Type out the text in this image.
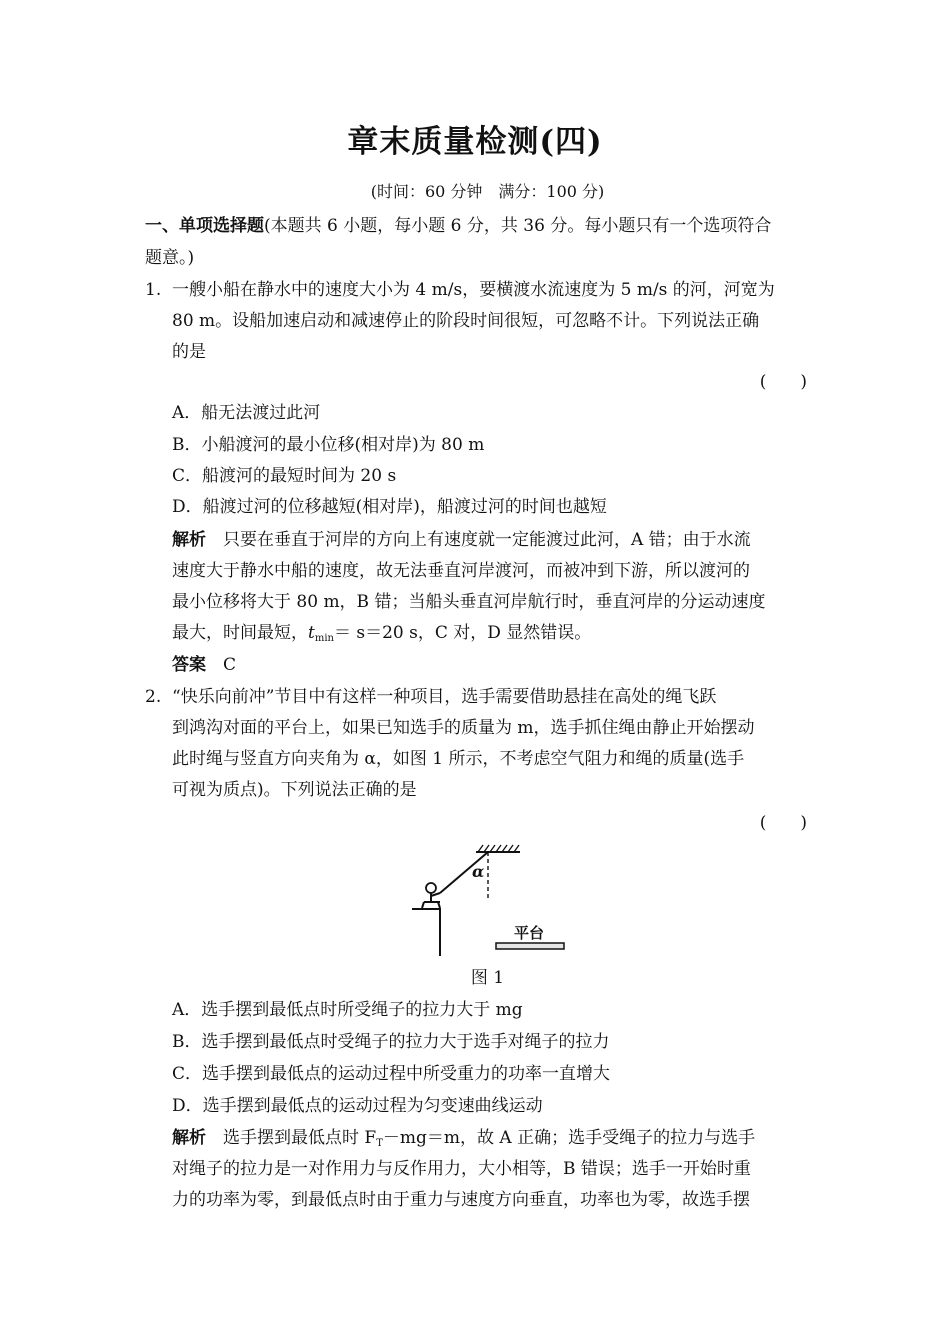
章末质量检测(四)
(时间：60 分钟　满分：100 分)
一、单项选择题(本题共 6 小题，每小题 6 分，共 36 分。每小题只有一个选项符合
题意。)
1. 一艘小船在静水中的速度大小为 4 m/s，要横渡水流速度为 5 m/s 的河，河宽为
80 m。设船加速启动和减速停止的阶段时间很短，可忽略不计。下列说法正确
的是
(　　)
A．船无法渡过此河
B．小船渡河的最小位移(相对岸)为 80 m
C．船渡河的最短时间为 20 s
D．船渡过河的位移越短(相对岸)，船渡过河的时间也越短
解析　 只要在垂直于河岸的方向上有速度就一定能渡过此河，A 错；由于水流
速度大于静水中船的速度，故无法垂直河岸渡河，而被冲到下游，所以渡河的
最小位移将大于 80 m，B 错；当船头垂直河岸航行时，垂直河岸的分运动速度
最大，时间最短，$t_{min}= s=20$ s，C 对，D 显然错误。
答案　 C
2. “快乐向前冲”节目中有这样一种项目，选手需要借助悬挂在高处的绳飞跃
到鸿沟对面的平台上，如果已知选手的质量为 m，选手抓住绳由静止开始摆动
此时绳与竖直方向夹角为 α，如图 1 所示，不考虑空气阻力和绳的质量(选手
可视为质点)。下列说法正确的是
(　　)
α
平台
图 1
A．选手摆到最低点时所受绳子的拉力大于 mg
B．选手摆到最低点时受绳子的拉力大于选手对绳子的拉力
C．选手摆到最低点的运动过程中所受重力的功率一直增大
D．选手摆到最低点的运动过程为匀变速曲线运动
解析　 选手摆到最低点时 $F_T-mg=m$，故 A 正确；选手受绳子的拉力与选手
对绳子的拉力是一对作用力与反作用力，大小相等，B 错误；选手一开始时重
力的功率为零，到最低点时由于重力与速度方向垂直，功率也为零，故选手摆
